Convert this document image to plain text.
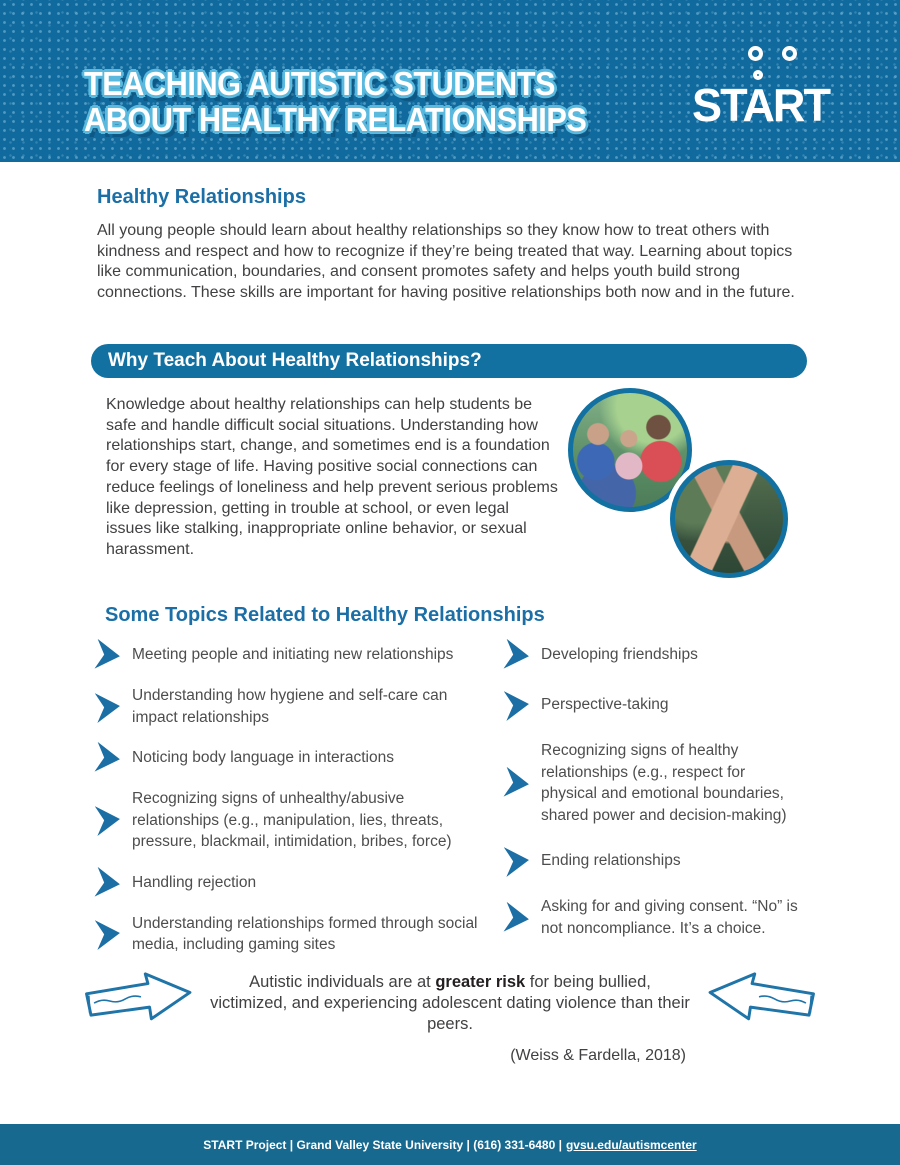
TEACHING AUTISTIC STUDENTS
ABOUT HEALTHY RELATIONSHIPS START
Healthy Relationships
All young people should learn about healthy relationships so they know how to treat others with kindness and respect and how to recognize if they’re being treated that way. Learning about topics like communication, boundaries, and consent promotes safety and helps youth build strong connections. These skills are important for having positive relationships both now and in the future.
Why Teach About Healthy Relationships?
Knowledge about healthy relationships can help students be safe and handle difficult social situations. Understanding how relationships start, change, and sometimes end is a foundation for every stage of life. Having positive social connections can reduce feelings of loneliness and help prevent serious problems like depression, getting in trouble at school, or even legal issues like stalking, inappropriate online behavior, or sexual harassment.
Some Topics Related to Healthy Relationships
Meeting people and initiating new relationships
Understanding how hygiene and self-care can impact relationships
Noticing body language in interactions
Recognizing signs of unhealthy/abusive relationships (e.g., manipulation, lies, threats, pressure, blackmail, intimidation, bribes, force)
Handling rejection
Understanding relationships formed through social media, including gaming sites
Developing friendships
Perspective-taking
Recognizing signs of healthy relationships (e.g., respect for physical and emotional boundaries, shared power and decision-making)
Ending relationships
Asking for and giving consent. “No” is not noncompliance. It’s a choice.
Autistic individuals are at greater risk for being bullied, victimized, and experiencing adolescent dating violence than their peers.
(Weiss & Fardella, 2018)
START Project | Grand Valley State University | (616) 331-6480 | gvsu.edu/autismcenter
